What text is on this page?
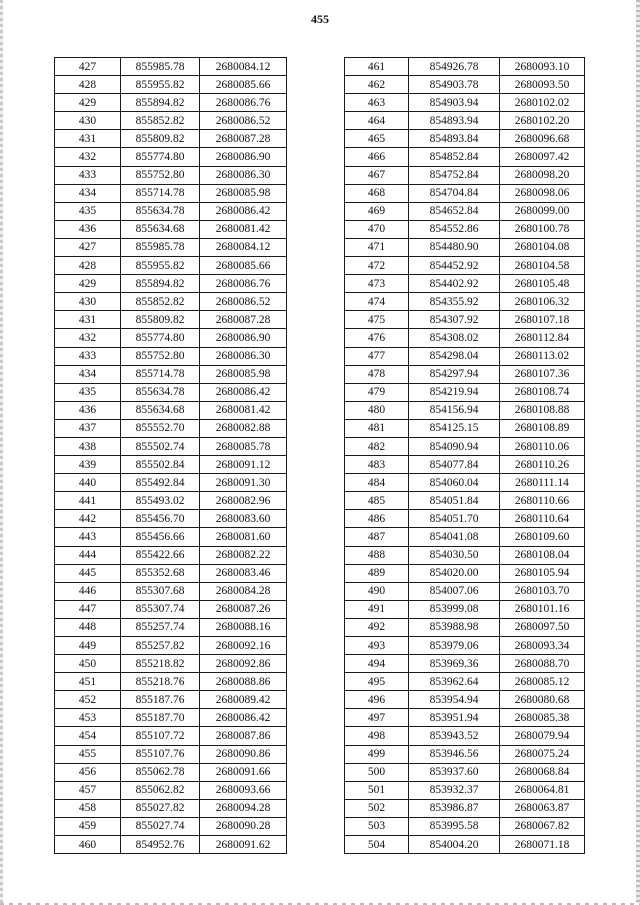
455
427	855985.78	2680084.12
428	855955.82	2680085.66
429	855894.82	2680086.76
430	855852.82	2680086.52
431	855809.82	2680087.28
432	855774.80	2680086.90
433	855752.80	2680086.30
434	855714.78	2680085.98
435	855634.78	2680086.42
436	855634.68	2680081.42
427	855985.78	2680084.12
428	855955.82	2680085.66
429	855894.82	2680086.76
430	855852.82	2680086.52
431	855809.82	2680087.28
432	855774.80	2680086.90
433	855752.80	2680086.30
434	855714.78	2680085.98
435	855634.78	2680086.42
436	855634.68	2680081.42
437	855552.70	2680082.88
438	855502.74	2680085.78
439	855502.84	2680091.12
440	855492.84	2680091.30
441	855493.02	2680082.96
442	855456.70	2680083.60
443	855456.66	2680081.60
444	855422.66	2680082.22
445	855352.68	2680083.46
446	855307.68	2680084.28
447	855307.74	2680087.26
448	855257.74	2680088.16
449	855257.82	2680092.16
450	855218.82	2680092.86
451	855218.76	2680088.86
452	855187.76	2680089.42
453	855187.70	2680086.42
454	855107.72	2680087.86
455	855107.76	2680090.86
456	855062.78	2680091.66
457	855062.82	2680093.66
458	855027.82	2680094.28
459	855027.74	2680090.28
460	854952.76	2680091.62
461	854926.78	2680093.10
462	854903.78	2680093.50
463	854903.94	2680102.02
464	854893.94	2680102.20
465	854893.84	2680096.68
466	854852.84	2680097.42
467	854752.84	2680098.20
468	854704.84	2680098.06
469	854652.84	2680099.00
470	854552.86	2680100.78
471	854480.90	2680104.08
472	854452.92	2680104.58
473	854402.92	2680105.48
474	854355.92	2680106.32
475	854307.92	2680107.18
476	854308.02	2680112.84
477	854298.04	2680113.02
478	854297.94	2680107.36
479	854219.94	2680108.74
480	854156.94	2680108.88
481	854125.15	2680108.89
482	854090.94	2680110.06
483	854077.84	2680110.26
484	854060.04	2680111.14
485	854051.84	2680110.66
486	854051.70	2680110.64
487	854041.08	2680109.60
488	854030.50	2680108.04
489	854020.00	2680105.94
490	854007.06	2680103.70
491	853999.08	2680101.16
492	853988.98	2680097.50
493	853979.06	2680093.34
494	853969.36	2680088.70
495	853962.64	2680085.12
496	853954.94	2680080.68
497	853951.94	2680085.38
498	853943.52	2680079.94
499	853946.56	2680075.24
500	853937.60	2680068.84
501	853932.37	2680064.81
502	853986.87	2680063.87
503	853995.58	2680067.82
504	854004.20	2680071.18
